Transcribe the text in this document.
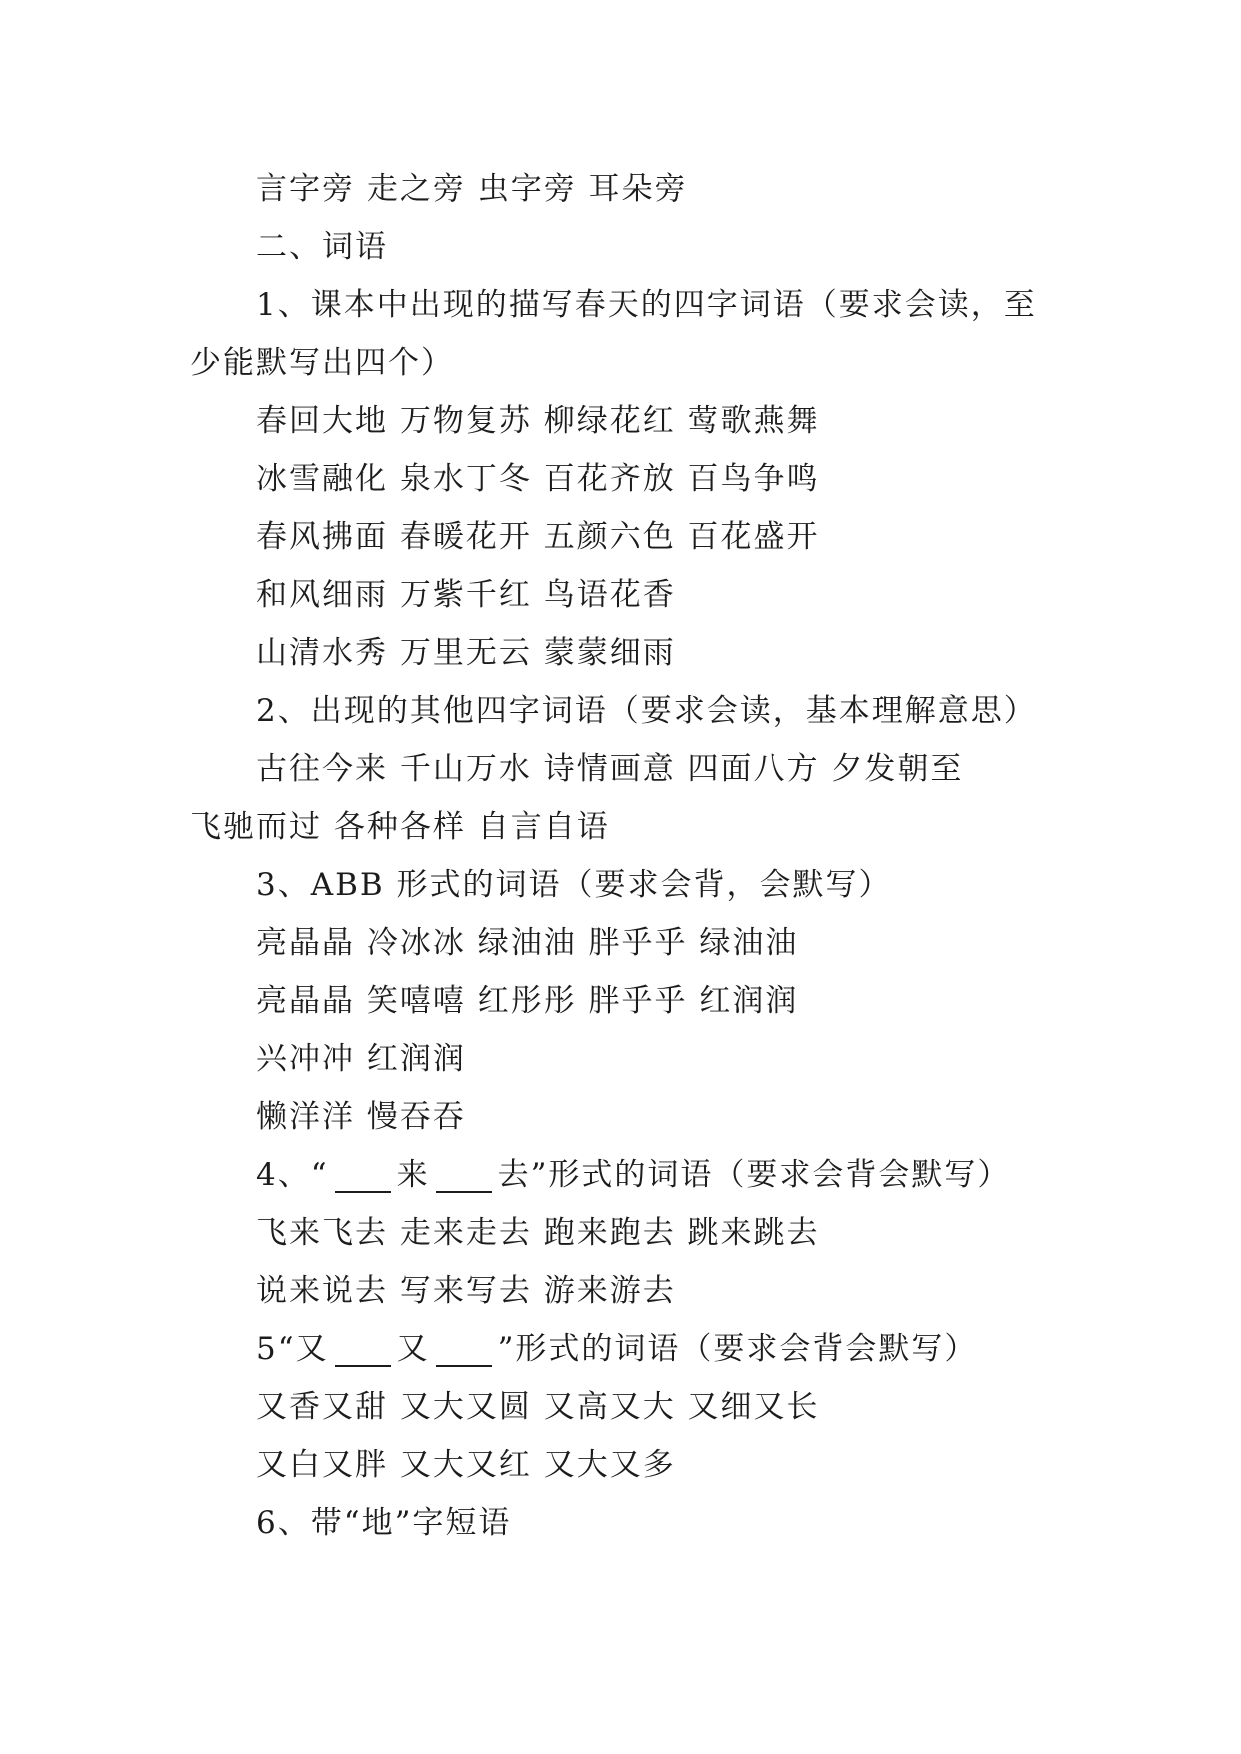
言字旁 走之旁 虫字旁 耳朵旁
二、词语
1、课本中出现的描写春天的四字词语（要求会读，至
少能默写出四个）
春回大地 万物复苏 柳绿花红 莺歌燕舞
冰雪融化 泉水丁冬 百花齐放 百鸟争鸣
春风拂面 春暖花开 五颜六色 百花盛开
和风细雨 万紫千红 鸟语花香
山清水秀 万里无云 蒙蒙细雨
2、出现的其他四字词语（要求会读，基本理解意思）
古往今来 千山万水 诗情画意 四面八方 夕发朝至
飞驰而过 各种各样 自言自语
3、ABB 形式的词语（要求会背，会默写）
亮晶晶 冷冰冰 绿油油 胖乎乎 绿油油
亮晶晶 笑嘻嘻 红彤彤 胖乎乎 红润润
兴冲冲 红润润
懒洋洋 慢吞吞
4、“ 来 去”形式的词语（要求会背会默写）
飞来飞去 走来走去 跑来跑去 跳来跳去
说来说去 写来写去 游来游去
5“又 又 ”形式的词语（要求会背会默写）
又香又甜 又大又圆 又高又大 又细又长
又白又胖 又大又红 又大又多
6、带“地”字短语
